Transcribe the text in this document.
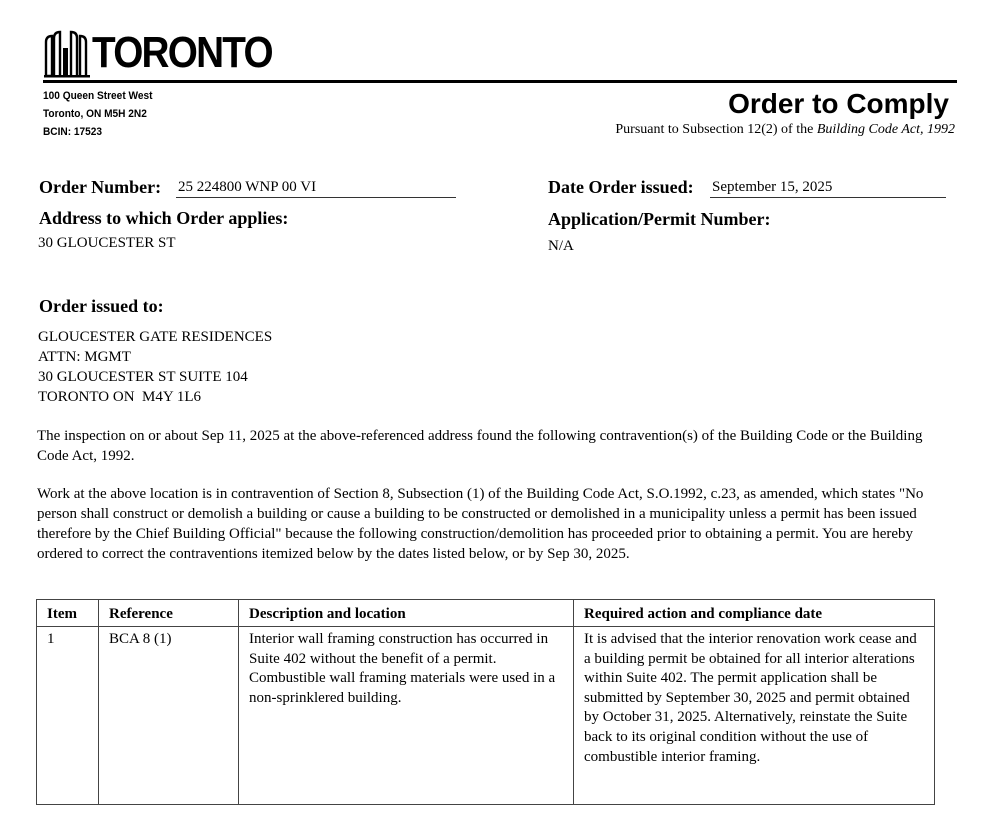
TORONTO
100 Queen Street West
Toronto, ON M5H 2N2
BCIN: 17523
Order to Comply
Pursuant to Subsection 12(2) of the Building Code Act, 1992
Order Number: 25 224800 WNP 00 VI	Date Order issued: September 15, 2025
Address to which Order applies:
30 GLOUCESTER ST
Application/Permit Number:
N/A
Order issued to:
GLOUCESTER GATE RESIDENCES
ATTN: MGMT
30 GLOUCESTER ST SUITE 104
TORONTO ON  M4Y 1L6
The inspection on or about Sep 11, 2025 at the above-referenced address found the following contravention(s) of the Building Code or the Building Code Act, 1992.
Work at the above location is in contravention of Section 8, Subsection (1) of the Building Code Act, S.O.1992, c.23, as amended, which states "No person shall construct or demolish a building or cause a building to be constructed or demolished in a municipality unless a permit has been issued therefore by the Chief Building Official" because the following construction/demolition has proceeded prior to obtaining a permit. You are hereby ordered to correct the contraventions itemized below by the dates listed below, or by Sep 30, 2025.
Item	Reference	Description and location	Required action and compliance date
1	BCA 8 (1)	Interior wall framing construction has occurred in Suite 402 without the benefit of a permit. Combustible wall framing materials were used in a non-sprinklered building.	It is advised that the interior renovation work cease and a building permit be obtained for all interior alterations within Suite 402. The permit application shall be submitted by September 30, 2025 and permit obtained by October 31, 2025. Alternatively, reinstate the Suite back to its original condition without the use of combustible interior framing.
